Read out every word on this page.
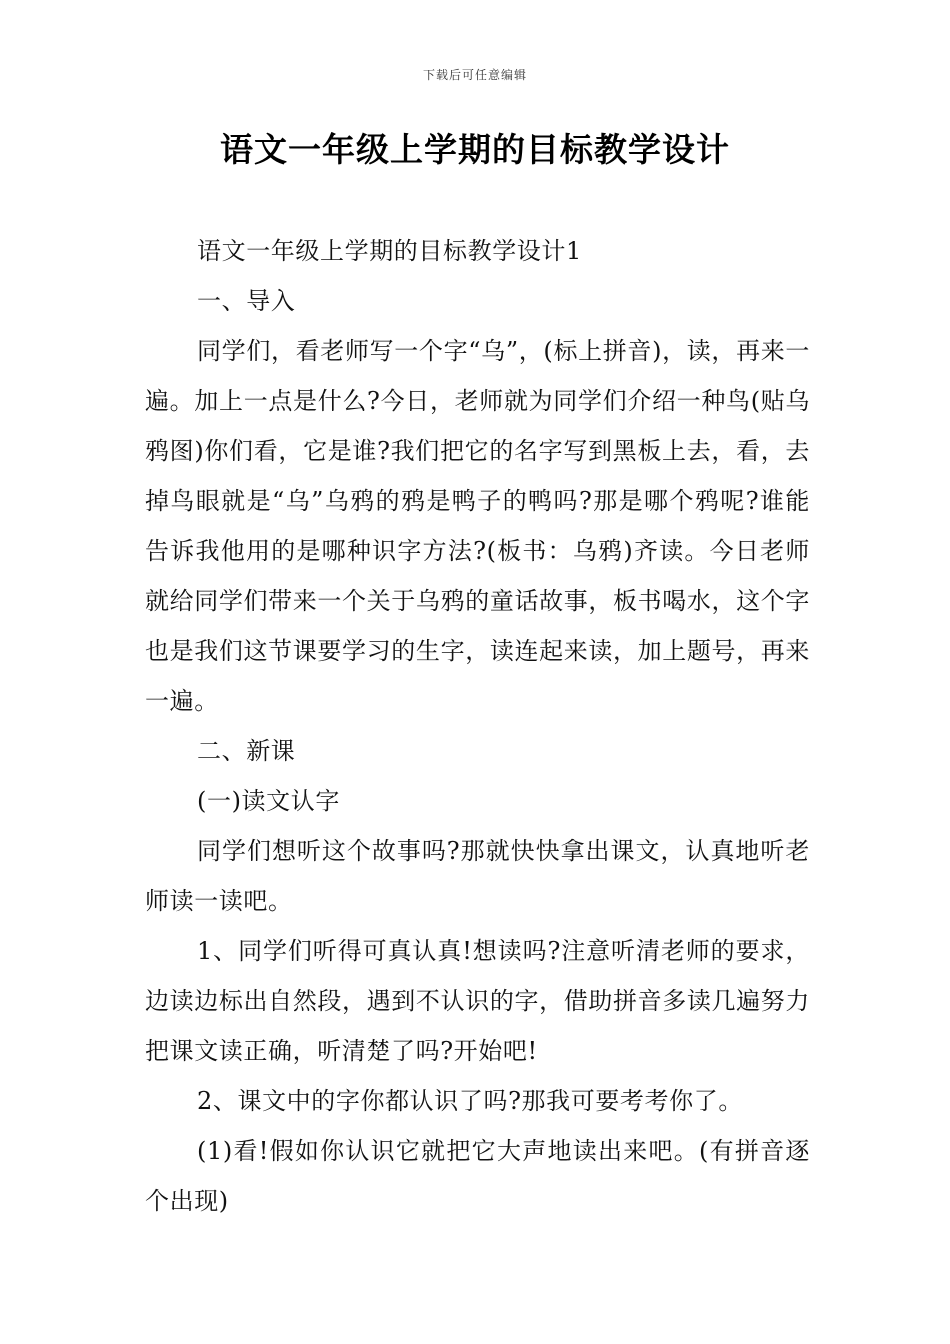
下载后可任意编辑
语文一年级上学期的目标教学设计

语文一年级上学期的目标教学设计1

一、导入

同学们，看老师写一个字“乌”，(标上拼音)，读，再来一遍。加上一点是什么?今日，老师就为同学们介绍一种鸟(贴乌鸦图)你们看，它是谁?我们把它的名字写到黑板上去，看，去掉鸟眼就是“乌”乌鸦的鸦是鸭子的鸭吗?那是哪个鸦呢?谁能告诉我他用的是哪种识字方法?(板书：乌鸦)齐读。今日老师就给同学们带来一个关于乌鸦的童话故事，板书喝水，这个字也是我们这节课要学习的生字，读连起来读，加上题号，再来一遍。

二、新课

(一)读文认字

同学们想听这个故事吗?那就快快拿出课文，认真地听老师读一读吧。

1、同学们听得可真认真!想读吗?注意听清老师的要求，边读边标出自然段，遇到不认识的字，借助拼音多读几遍努力把课文读正确，听清楚了吗?开始吧!

2、课文中的字你都认识了吗?那我可要考考你了。

(1)看!假如你认识它就把它大声地读出来吧。(有拼音逐个出现)
